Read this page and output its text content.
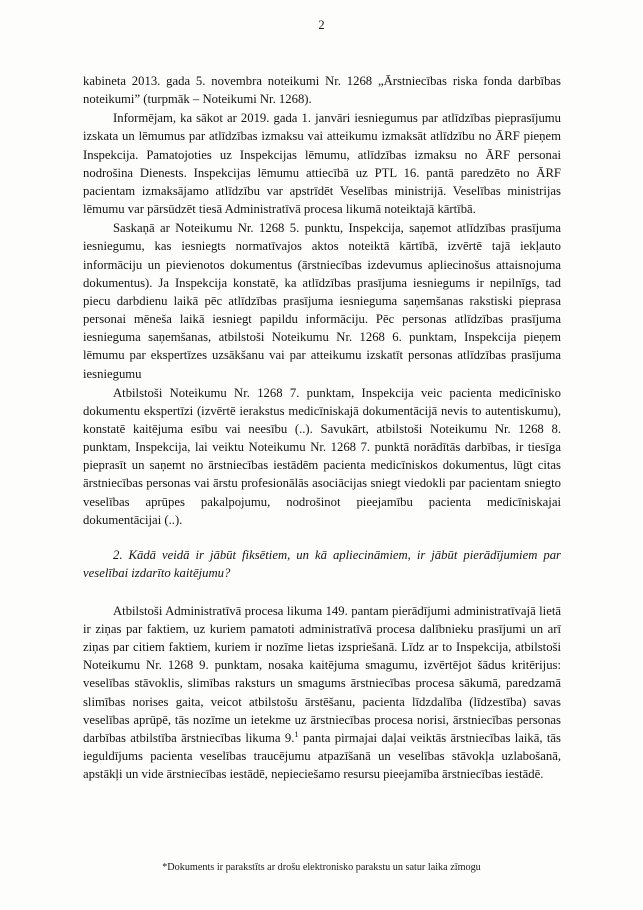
2

kabineta 2013. gada 5. novembra noteikumi Nr. 1268 „Ārstniecības riska fonda darbības noteikumi” (turpmāk – Noteikumi Nr. 1268).

Informējam, ka sākot ar 2019. gada 1. janvāri iesniegumus par atlīdzības pieprasījumu izskata un lēmumus par atlīdzības izmaksu vai atteikumu izmaksāt atlīdzību no ĀRF pieņem Inspekcija. Pamatojoties uz Inspekcijas lēmumu, atlīdzības izmaksu no ĀRF personai nodrošina Dienests. Inspekcijas lēmumu attiecībā uz PTL 16. pantā paredzēto no ĀRF pacientam izmaksājamo atlīdzību var apstrīdēt Veselības ministrijā. Veselības ministrijas lēmumu var pārsūdzēt tiesā Administratīvā procesa likumā noteiktajā kārtībā.

Saskaņā ar Noteikumu Nr. 1268 5. punktu, Inspekcija, saņemot atlīdzības prasījuma iesniegumu, kas iesniegts normatīvajos aktos noteiktā kārtībā, izvērtē tajā iekļauto informāciju un pievienotos dokumentus (ārstniecības izdevumus apliecinošus attaisnojuma dokumentus). Ja Inspekcija konstatē, ka atlīdzības prasījuma iesniegums ir nepilnīgs, tad piecu darbdienu laikā pēc atlīdzības prasījuma iesnieguma saņemšanas rakstiski pieprasa personai mēneša laikā iesniegt papildu informāciju. Pēc personas atlīdzības prasījuma iesnieguma saņemšanas, atbilstoši Noteikumu Nr. 1268 6. punktam, Inspekcija pieņem lēmumu par ekspertīzes uzsākšanu vai par atteikumu izskatīt personas atlīdzības prasījuma iesniegumu

Atbilstoši Noteikumu Nr. 1268 7. punktam, Inspekcija veic pacienta medicīnisko dokumentu ekspertīzi (izvērtē ierakstus medicīniskajā dokumentācijā nevis to autentiskumu), konstatē kaitējuma esību vai neesību (..). Savukārt, atbilstoši Noteikumu Nr. 1268 8. punktam, Inspekcija, lai veiktu Noteikumu Nr. 1268 7. punktā norādītās darbības, ir tiesīga pieprasīt un saņemt no ārstniecības iestādēm pacienta medicīniskos dokumentus, lūgt citas ārstniecības personas vai ārstu profesionālās asociācijas sniegt viedokli par pacientam sniegto veselības aprūpes pakalpojumu, nodrošinot pieejamību pacienta medicīniskajai dokumentācijai (..).

2. Kādā veidā ir jābūt fiksētiem, un kā apliecināmiem, ir jābūt pierādījumiem par veselībai izdarīto kaitējumu?

Atbilstoši Administratīvā procesa likuma 149. pantam pierādījumi administratīvajā lietā ir ziņas par faktiem, uz kuriem pamatoti administratīvā procesa dalībnieku prasījumi un arī ziņas par citiem faktiem, kuriem ir nozīme lietas izspriešanā. Līdz ar to Inspekcija, atbilstoši Noteikumu Nr. 1268 9. punktam, nosaka kaitējuma smagumu, izvērtējot šādus kritērijus: veselības stāvoklis, slimības raksturs un smagums ārstniecības procesa sākumā, paredzamā slimības norises gaita, veicot atbilstošu ārstēšanu, pacienta līdzdalība (līdzestība) savas veselības aprūpē, tās nozīme un ietekme uz ārstniecības procesa norisi, ārstniecības personas darbības atbilstība ārstniecības likuma 9.$^1$ panta pirmajai daļai veiktās ārstniecības laikā, tās ieguldījums pacienta veselības traucējumu atpazīšanā un veselības stāvokļa uzlabošanā, apstākļi un vide ārstniecības iestādē, nepieciešamo resursu pieejamība ārstniecības iestādē.

*Dokuments ir parakstīts ar drošu elektronisko parakstu un satur laika zīmogu
